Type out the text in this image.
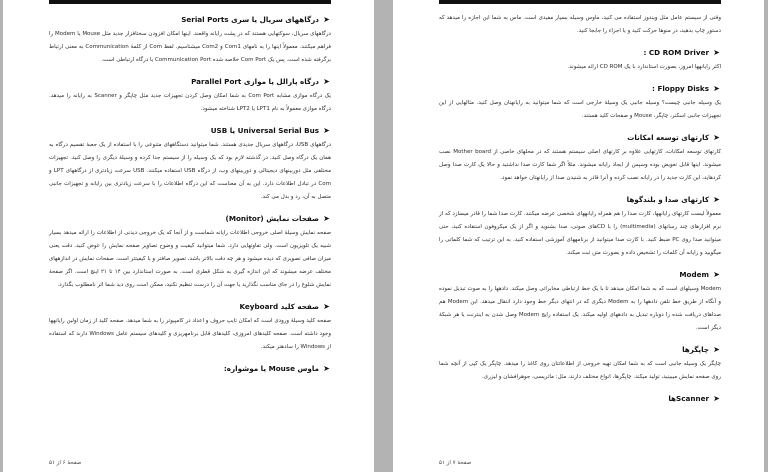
➤
درگاههای سریال یا سری Serial Ports

درگاههای سریال، سوکتهایی هستند که در پشت رایانه واقعند. اینها امکان افزودن سختافزار جدید مثل Mouse یا Modem را فراهم میکنند. معمولاً اینها را به نامهای Com1 و Com2 میشناسیم. لفظ Com از کلمهٔ Communication به معنی ارتباط برگرفته شده است. پس یک Com Port خلاصه شده Communication Port یا درگاه ارتباطی است.

➤
درگاه پارالل یا موازی Parallel Port

یک درگاه موازی مشابه Com Port به شما امکان وصل کردن تجهیزات جدید مثل چاپگر و Scanner به رایانه را میدهد. درگاه موازی معمولاً به نام LPT1 یا LPT2 شناخته میشود.

➤
Universal Serial Bus یا USB

درگاههای USB، درگاههای سریال جدیدی هستند. شما میتوانید دستگاههای متنوعی را با استفاده از یک جعبهٔ تقسیم درگاه به همان یک درگاه وصل کنید. در گذشته لازم بود که یک وسیله را از سیستم جدا کرده و وسیلهٔ دیگری را وصل کنید. تجهیزات مختلفی مثل دوربینهای دیجیتالی و دوربینهای وب، از درگاه USB استفاده میکنند. USB سرعت زیادتری از درگاههای LPT و Com در تبادل اطلاعات دارد. این به آن معناست که این درگاه اطلاعات را با سرعت زیادتری بین رایانه و تجهیزات جانبی متصل به آن، رد و بدل می کند.

➤
صفحات نمایش (Monitor)

صفحه نمایش وسیلهٔ اصلی خروجی اطلاعات رایانه شماست و از آنجا که یک خروجی دیدنی از اطلاعات را ارائه میدهد بسیار شبیه یک تلویزیون است. ولی تفاوتهایی دارد. شما میتوانید کیفیت و وضوح تصاویر صفحه نمایش را عوض کنید. دقت یعنی میزان صافی تصویری که دیده میشود و هر چه دقت بالاتر باشد، تصویر صافتر و با کیفیتتر است. صفحات نمایش در اندازههای مختلف عرضه میشوند که این اندازه گیری به شکل قطری است. به صورت استاندارد بین ۱۴ تا ۲۱ اینچ است. اگر صفحهٔ نمایش شلوغ را در جای مناسب نگذارید یا جهت آن را درست تنظیم نکنید، ممکن است روی دید شما اثر نامطلوب بگذارد.

➤
صفحه کلید Keyboard

صفحه کلید وسیلهٔ ورودی است که امکان تایپ حروف و اعداد در کامپیوتر را به شما میدهد. صفحه کلید از زمان اولین رایانهها وجود داشته است. صفحه کلیدهای امروزی، کلیدهای قابل برنامهریزی و کلیدهای سیستم عامل Windows دارند که استفاده از Windows را سادهتر میکند.

➤
ماوس Mouse یا موشواره:
صفحهٔ ۶ از ۵۱

وقتی از سیستم عامل مثل ویندوز استفاده می کنید، ماوس وسیله بسیار مفیدی است. ماس به شما این اجازه را میدهد که دستور چاپ بدهید، در منوها حرکت کنید و یا اجزاء را جابجا کنید.

➤
CD ROM Driver :

اکثر رایانهها امروز، بصورت استاندارد با یک CD ROM ارائه میشوند.

➤
Floppy Disks :

یک وسیله جانبی چیست؟ وسیله جانبی یک وسیلهٔ خارجی است که شما میتوانید به رایانهتان وصل کنید. مثالهایی از این تجهیزات جانبی اسکنر، چاپگر، Mouse و صفحات کلید هستند.

➤
کارتهای توسعه امکانات

کارتهای توسعه امکانات، کارتهایی علاوه بر کارتهای اصلی سیستم هستند که در محلهای خاصی از Mother board نصب میشوند. اینها قابل تعویض بوده وسپس از ایجاد رایانه میشوند. مثلاً اگر شما کارت صدا نداشتید و حالا یک کارت صدا وصل کردهاید، این کارت جدید را در رایانه نصب کرده و آنرا قادر به شنیدن صدا از رایانهتان خواهد نمود.

➤
کارتهای صدا و بلندگوها

معمولاً لیست کارتهای رایانهها، کارت صدا را هم همراه رایانههای شخصی عرضه میکنند. کارت صدا شما را قادر میسازد که از نرم افزارهای چند رسانهای (multimedia) را با CDهای صوتی، صدا بشنوید و اگر از یک میکروفون استفاده کنید، حتی میتوانید صدا روی PC ضبط کنید. با کارت صدا میتوانید از برنامههای آموزشی استفاده کنید. به این ترتیب که شما کلماتی را میگویید و رایانه آن کلمات را تشخیص داده و بصورت متن ثبت میکند.

➤
Modem

Modem وسیلهای است که به شما امکان میدهد تا با یک خط ارتباطی مخابراتی وصل میکند. دادهها را به صوت تبدیل نموده و آنگاه از طریق خط تلفن دادهها را به Modem دیگری که در انتهای دیگر خط وجود دارد انتقال میدهد. این Modem هم صداهای دریافت شده را دوباره تبدیل به دادههای اولیه میکند. یک استفاده رایج Modem وصل شدن به اینترنت یا هر شبکهٔ دیگر است.

➤
چاپگرها

چاپگر یک وسیله جانبی است که به شما امکان تهیه خروجی از اطلاعاتتان روی کاغذ را میدهد. چاپگر یک کپی از آنچه شما روی صفحه نمایش میبینید، تولید میکند. چاپگرها، انواع مختلف دارند، مثل: ماتریسی، جوهرافشان و لیزری.

➤
Scannerها
صفحهٔ ۷ از ۵۱
